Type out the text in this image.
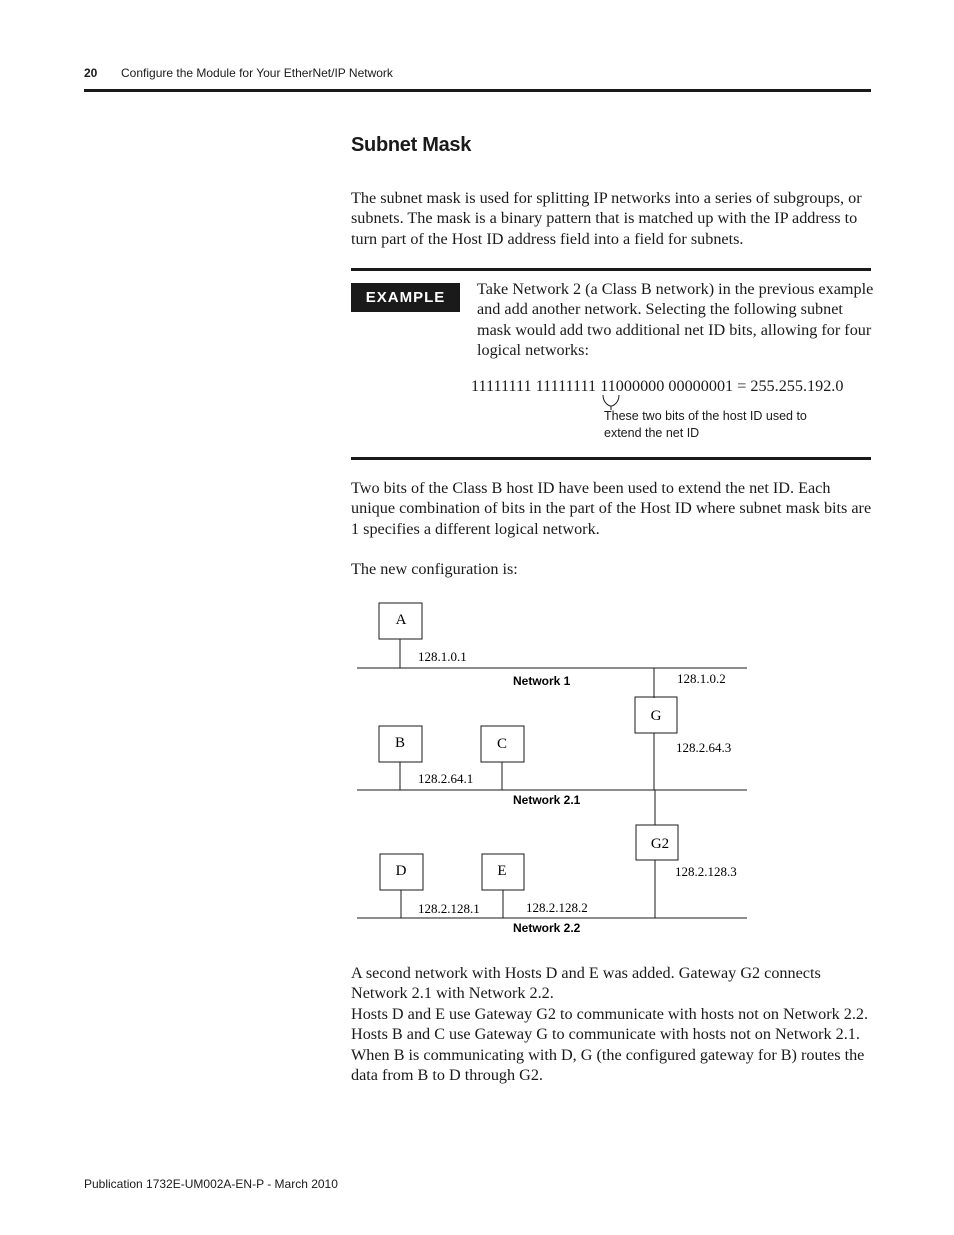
20 Configure the Module for Your EtherNet/IP Network
Subnet Mask

The subnet mask is used for splitting IP networks into a series of subgroups, or subnets. The mask is a binary pattern that is matched up with the IP address to turn part of the Host ID address field into a field for subnets.

EXAMPLE	Take Network 2 (a Class B network) in the previous example and add another network. Selecting the following subnet mask would add two additional net ID bits, allowing for four logical networks:
11111111 11111111 11000000 00000001 = 255.255.192.0
These two bits of the host ID used to extend the net ID

Two bits of the Class B host ID have been used to extend the net ID. Each unique combination of bits in the part of the Host ID where subnet mask bits are 1 specifies a different logical network.

The new configuration is:

A
B	C
G
D	E
G2
128.1.0.1
128.1.0.2
128.2.64.3
128.2.64.1
128.2.128.3
128.2.128.1	128.2.128.2
Network 1
Network 2.1
Network 2.2

A second network with Hosts D and E was added. Gateway G2 connects Network 2.1 with Network 2.2.

Hosts D and E use Gateway G2 to communicate with hosts not on Network 2.2.

Hosts B and C use Gateway G to communicate with hosts not on Network 2.1.

When B is communicating with D, G (the configured gateway for B) routes the data from B to D through G2.

Publication 1732E-UM002A-EN-P - March 2010
